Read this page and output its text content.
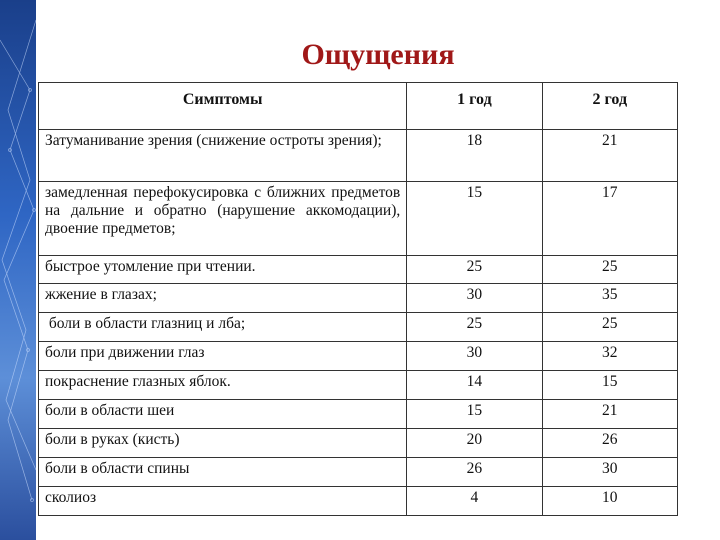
Ощущения
Симптомы	1 год	2 год
Затуманивание зрения (снижение остроты зрения);	18	21
замедленная перефокусировка с ближних предметов на дальние и обратно (нарушение аккомодации), двоение предметов;	15	17
быстрое утомление при чтении.	25	25
жжение в глазах;	30	35
боли в области глазниц и лба;	25	25
боли при движении глаз	30	32
покраснение глазных яблок.	14	15
боли в области шеи	15	21
боли в руках (кисть)	20	26
боли в области спины	26	30
сколиоз	4	10
